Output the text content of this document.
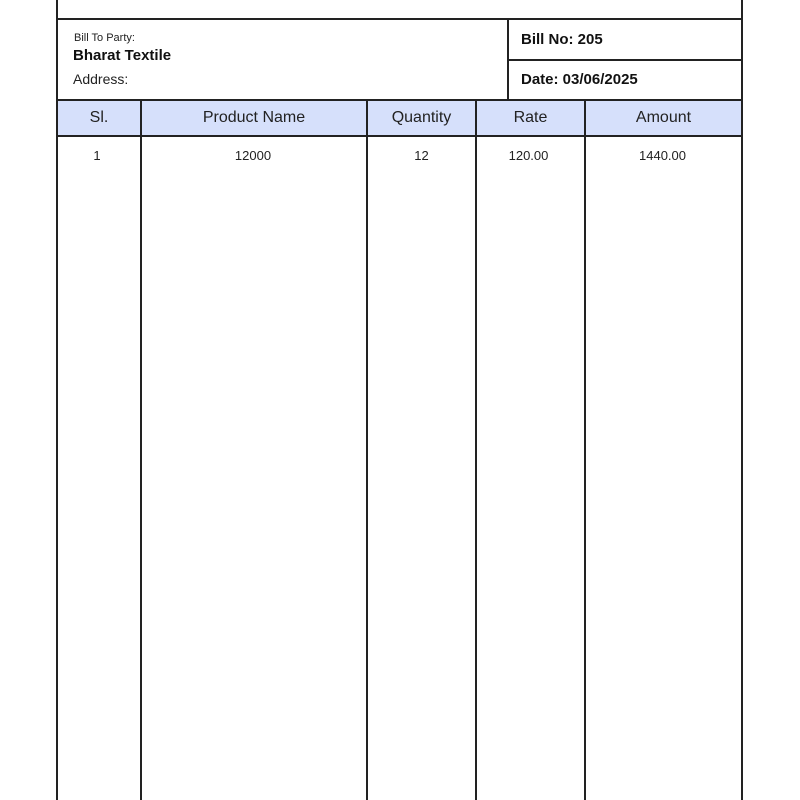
Bill To Party:
Bharat Textile
Address:
Bill No: 205
Date: 03/06/2025
Sl.	Product Name	Quantity	Rate	Amount
1	12000	12	120.00	1440.00
